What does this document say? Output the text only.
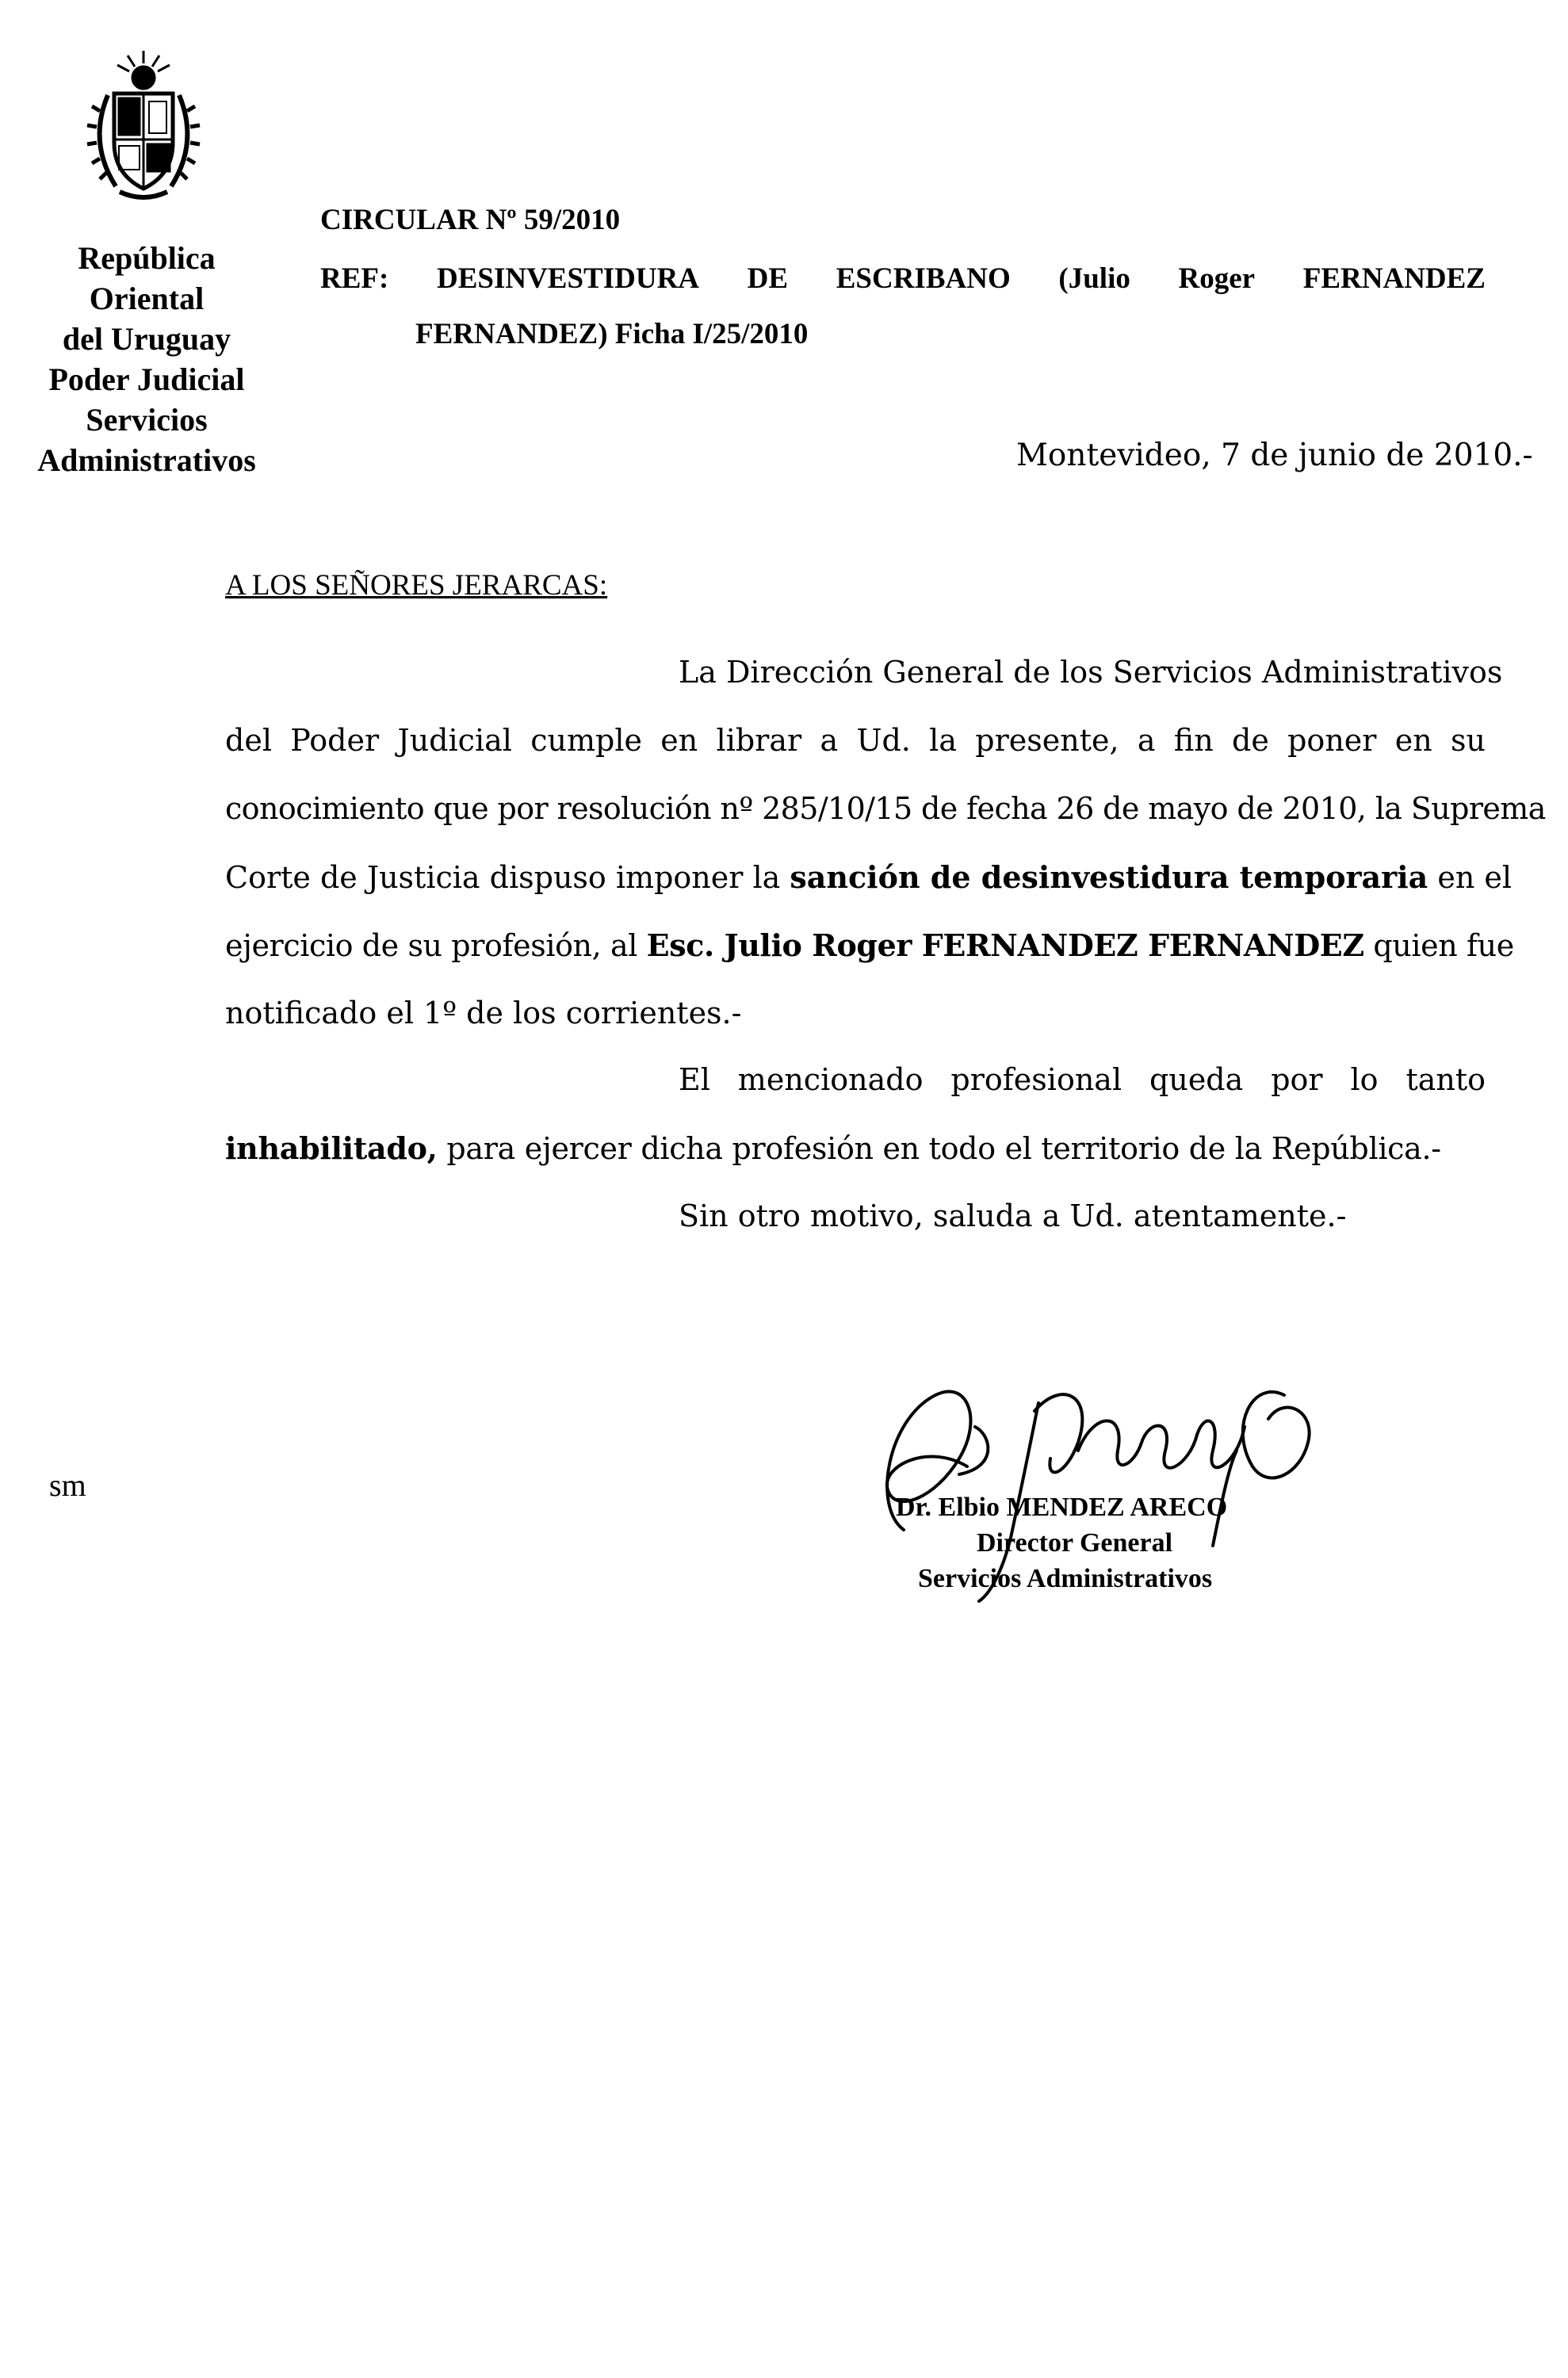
República Oriental
del Uruguay
Poder Judicial
Servicios
Administrativos
CIRCULAR Nº 59/2010
REF: DESINVESTIDURA DE ESCRIBANO (Julio Roger FERNANDEZ
FERNANDEZ) Ficha I/25/2010
Montevideo, 7 de junio de 2010.-
A LOS SEÑORES JERARCAS:
La Dirección General de los Servicios Administrativos
del Poder Judicial cumple en librar a Ud. la presente, a fin de poner en su
conocimiento que por resolución nº 285/10/15 de fecha 26 de mayo de 2010, la Suprema
Corte de Justicia dispuso imponer la sanción de desinvestidura temporaria en el
ejercicio de su profesión, al Esc. Julio Roger FERNANDEZ FERNANDEZ quien fue
notificado el 1º de los corrientes.-
El mencionado profesional queda por lo tanto
inhabilitado, para ejercer dicha profesión en todo el territorio de la República.-
Sin otro motivo, saluda a Ud. atentamente.-
sm
Dr. Elbio MENDEZ ARECO
Director General
Servicios Administrativos
